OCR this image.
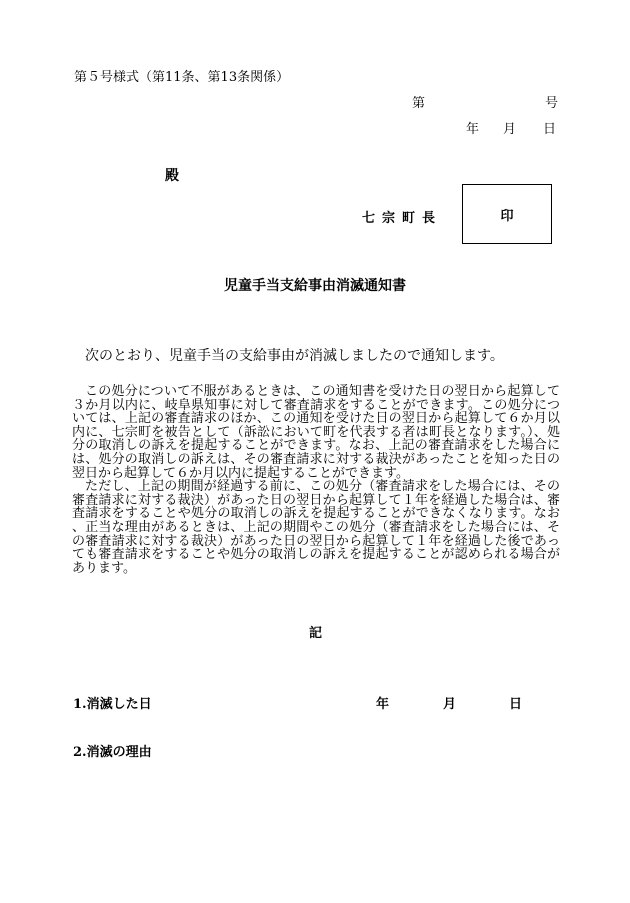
第５号様式（第11条、第13条関係）
第	号
年 月 日
殿
七宗町長	印
児童手当支給事由消滅通知書
次のとおり、児童手当の支給事由が消滅しましたので通知します。

この処分について不服があるときは、この通知書を受けた日の翌日から起算して３か月以内に、岐阜県知事に対して審査請求をすることができます。この処分については、上記の審査請求のほか、この通知を受けた日の翌日から起算して６か月以内に、七宗町を被告として（訴訟において町を代表する者は町長となります。）、処分の取消しの訴えを提起することができます。なお、上記の審査請求をした場合には、処分の取消しの訴えは、その審査請求に対する裁決があったことを知った日の翌日から起算して６か月以内に提起することができます。

ただし、上記の期間が経過する前に、この処分（審査請求をした場合には、その審査請求に対する裁決）があった日の翌日から起算して１年を経過した場合は、審査請求をすることや処分の取消しの訴えを提起することができなくなります。なお、正当な理由があるときは、上記の期間やこの処分（審査請求をした場合には、その審査請求に対する裁決）があった日の翌日から起算して１年を経過した後であっても審査請求をすることや処分の取消しの訴えを提起することが認められる場合があります。

記
1.消滅した日	年	月	日
2.消滅の理由
